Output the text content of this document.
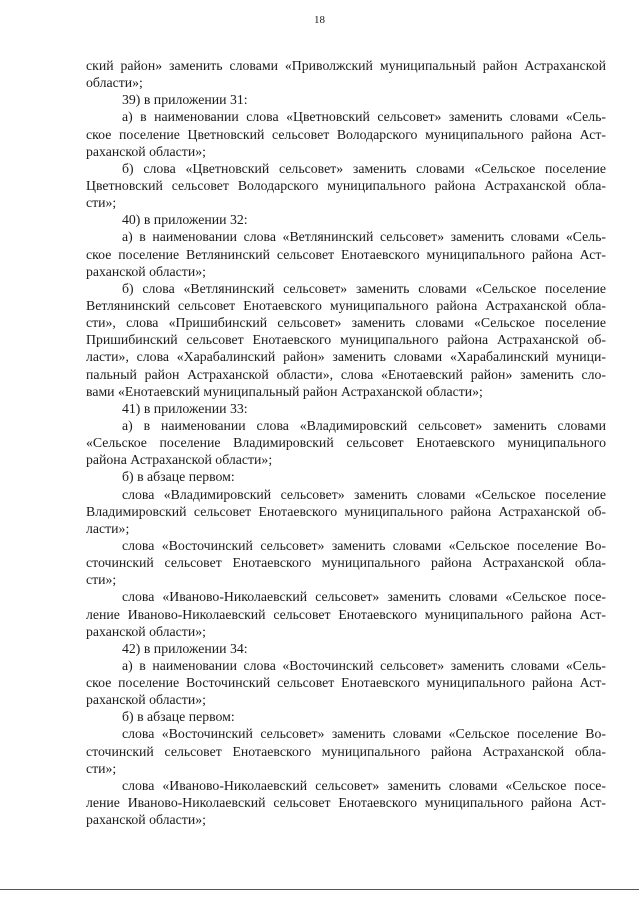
18
ский район» заменить словами «Приволжский муниципальный район Астраханской
области»;
39) в приложении 31:
а) в наименовании слова «Цветновский сельсовет» заменить словами «Сель-
ское поселение Цветновский сельсовет Володарского муниципального района Аст-
раханской области»;
б) слова «Цветновский сельсовет» заменить словами «Сельское поселение
Цветновский сельсовет Володарского муниципального района Астраханской обла-
сти»;
40) в приложении 32:
а) в наименовании слова «Ветлянинский сельсовет» заменить словами «Сель-
ское поселение Ветлянинский сельсовет Енотаевского муниципального района Аст-
раханской области»;
б) слова «Ветлянинский сельсовет» заменить словами «Сельское поселение
Ветлянинский сельсовет Енотаевского муниципального района Астраханской обла-
сти», слова «Пришибинский сельсовет» заменить словами «Сельское поселение
Пришибинский сельсовет Енотаевского муниципального района Астраханской об-
ласти», слова «Харабалинский район» заменить словами «Харабалинский муници-
пальный район Астраханской области», слова «Енотаевский район» заменить сло-
вами «Енотаевский муниципальный район Астраханской области»;
41) в приложении 33:
а) в наименовании слова «Владимировский сельсовет» заменить словами
«Сельское поселение Владимировский сельсовет Енотаевского муниципального
района Астраханской области»;
б) в абзаце первом:
слова «Владимировский сельсовет» заменить словами «Сельское поселение
Владимировский сельсовет Енотаевского муниципального района Астраханской об-
ласти»;
слова «Восточинский сельсовет» заменить словами «Сельское поселение Во-
сточинский сельсовет Енотаевского муниципального района Астраханской обла-
сти»;
слова «Иваново-Николаевский сельсовет» заменить словами «Сельское посе-
ление Иваново-Николаевский сельсовет Енотаевского муниципального района Аст-
раханской области»;
42) в приложении 34:
а) в наименовании слова «Восточинский сельсовет» заменить словами «Сель-
ское поселение Восточинский сельсовет Енотаевского муниципального района Аст-
раханской области»;
б) в абзаце первом:
слова «Восточинский сельсовет» заменить словами «Сельское поселение Во-
сточинский сельсовет Енотаевского муниципального района Астраханской обла-
сти»;
слова «Иваново-Николаевский сельсовет» заменить словами «Сельское посе-
ление Иваново-Николаевский сельсовет Енотаевского муниципального района Аст-
раханской области»;
